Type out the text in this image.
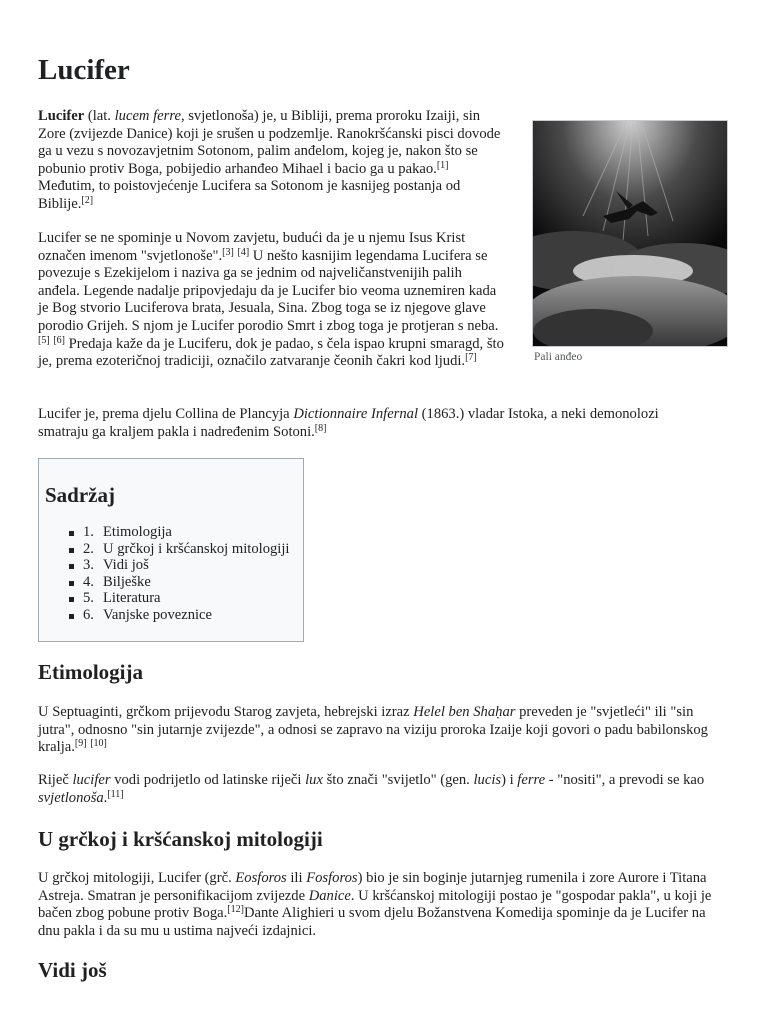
Lucifer

Lucifer (lat. lucem ferre, svjetlonoša) je, u Bibliji, prema proroku Izaiji, sin Zore (zvijezde Danice) koji je srušen u podzemlje. Ranokršćanski pisci dovode ga u vezu s novozavjetnim Sotonom, palim anđelom, kojeg je, nakon što se pobunio protiv Boga, pobijedio arhanđeo Mihael i bacio ga u pakao.[1] Međutim, to poistovjećenje Lucifera sa Sotonom je kasnijeg postanja od Biblije.[2]

Lucifer se ne spominje u Novom zavjetu, budući da je u njemu Isus Krist označen imenom "svjetlonoše".[3] [4] U nešto kasnijim legendama Lucifera se povezuje s Ezekijelom i naziva ga se jednim od najveličanstvenijih palih anđela. Legende nadalje pripovjedaju da je Lucifer bio veoma uznemiren kada je Bog stvorio Luciferova brata, Jesuala, Sina. Zbog toga se iz njegove glave porodio Grijeh. S njom je Lucifer porodio Smrt i zbog toga je protjeran s neba.[5] [6] Predaja kaže da je Luciferu, dok je padao, s čela ispao krupni smaragd, što je, prema ezoteričnoj tradiciji, označilo zatvaranje čeonih čakri kod ljudi.[7]	Pali anđeo

Lucifer je, prema djelu Collina de Plancyja Dictionnaire Infernal (1863.) vladar Istoka, a neki demonolozi smatraju ga kraljem pakla i nadređenim Sotoni.[8]

Sadržaj
1. Etimologija
2. U grčkoj i kršćanskoj mitologiji
3. Vidi još
4. Bilješke
5. Literatura
6. Vanjske poveznice
Etimologija

U Septuaginti, grčkom prijevodu Starog zavjeta, hebrejski izraz Helel ben Shaḥar preveden je "svjetleći" ili "sin jutra", odnosno "sin jutarnje zvijezde", a odnosi se zapravo na viziju proroka Izaije koji govori o padu babilonskog kralja.[9] [10]

Riječ lucifer vodi podrijetlo od latinske riječi lux što znači "svijetlo" (gen. lucis) i ferre - "nositi", a prevodi se kao svjetlonoša.[11]

U grčkoj i kršćanskoj mitologiji

U grčkoj mitologiji, Lucifer (grč. Eosforos ili Fosforos) bio je sin boginje jutarnjeg rumenila i zore Aurore i Titana Astreja. Smatran je personifikacijom zvijezde Danice. U kršćanskoj mitologiji postao je "gospodar pakla", u koji je bačen zbog pobune protiv Boga.[12]Dante Alighieri u svom djelu Božanstvena Komedija spominje da je Lucifer na dnu pakla i da su mu u ustima najveći izdajnici.

Vidi još
